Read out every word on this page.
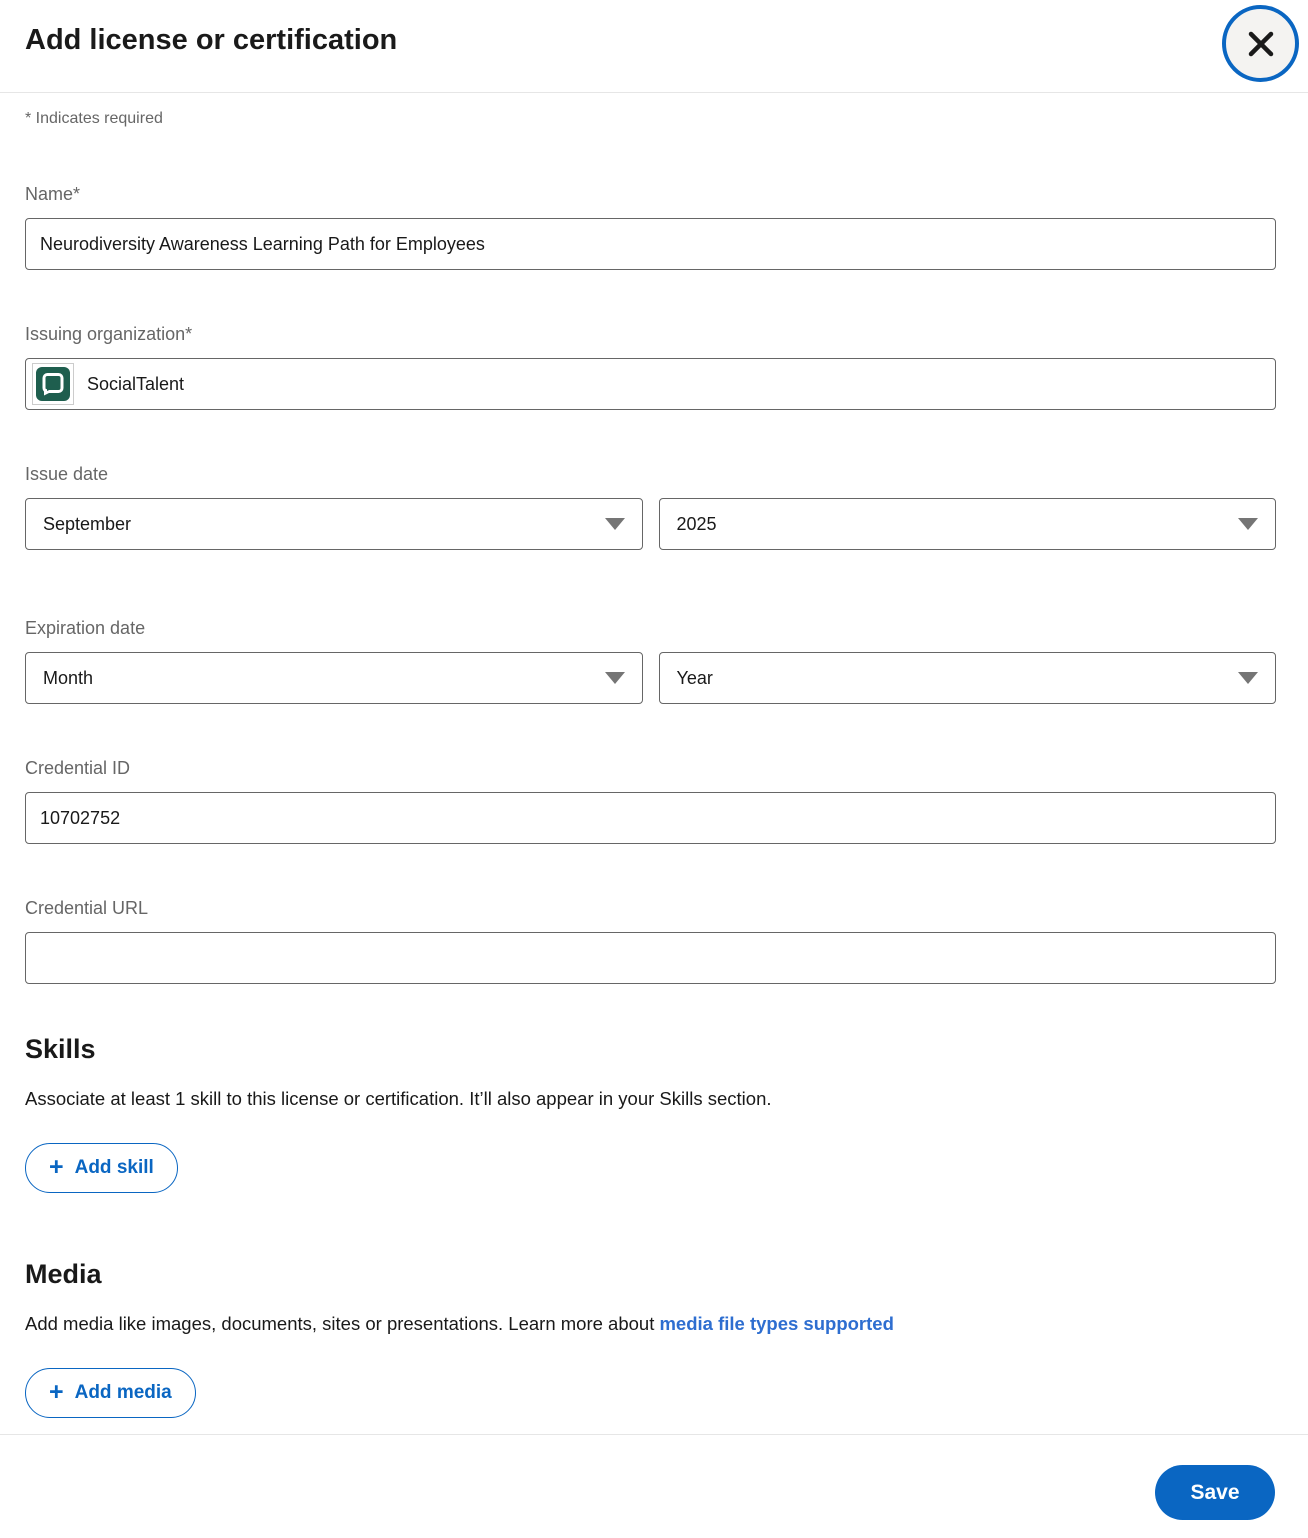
Add license or certification

* Indicates required

Name*
Neurodiversity Awareness Learning Path for Employees
Issuing organization*
SocialTalent
Issue date
September	2025
Expiration date
Month	Year
Credential ID
10702752
Credential URL
Skills

Associate at least 1 skill to this license or certification. It’ll also appear in your Skills section.

+ Add skill
Media

Add media like images, documents, sites or presentations. Learn more about media file types supported

+ Add media
Save
